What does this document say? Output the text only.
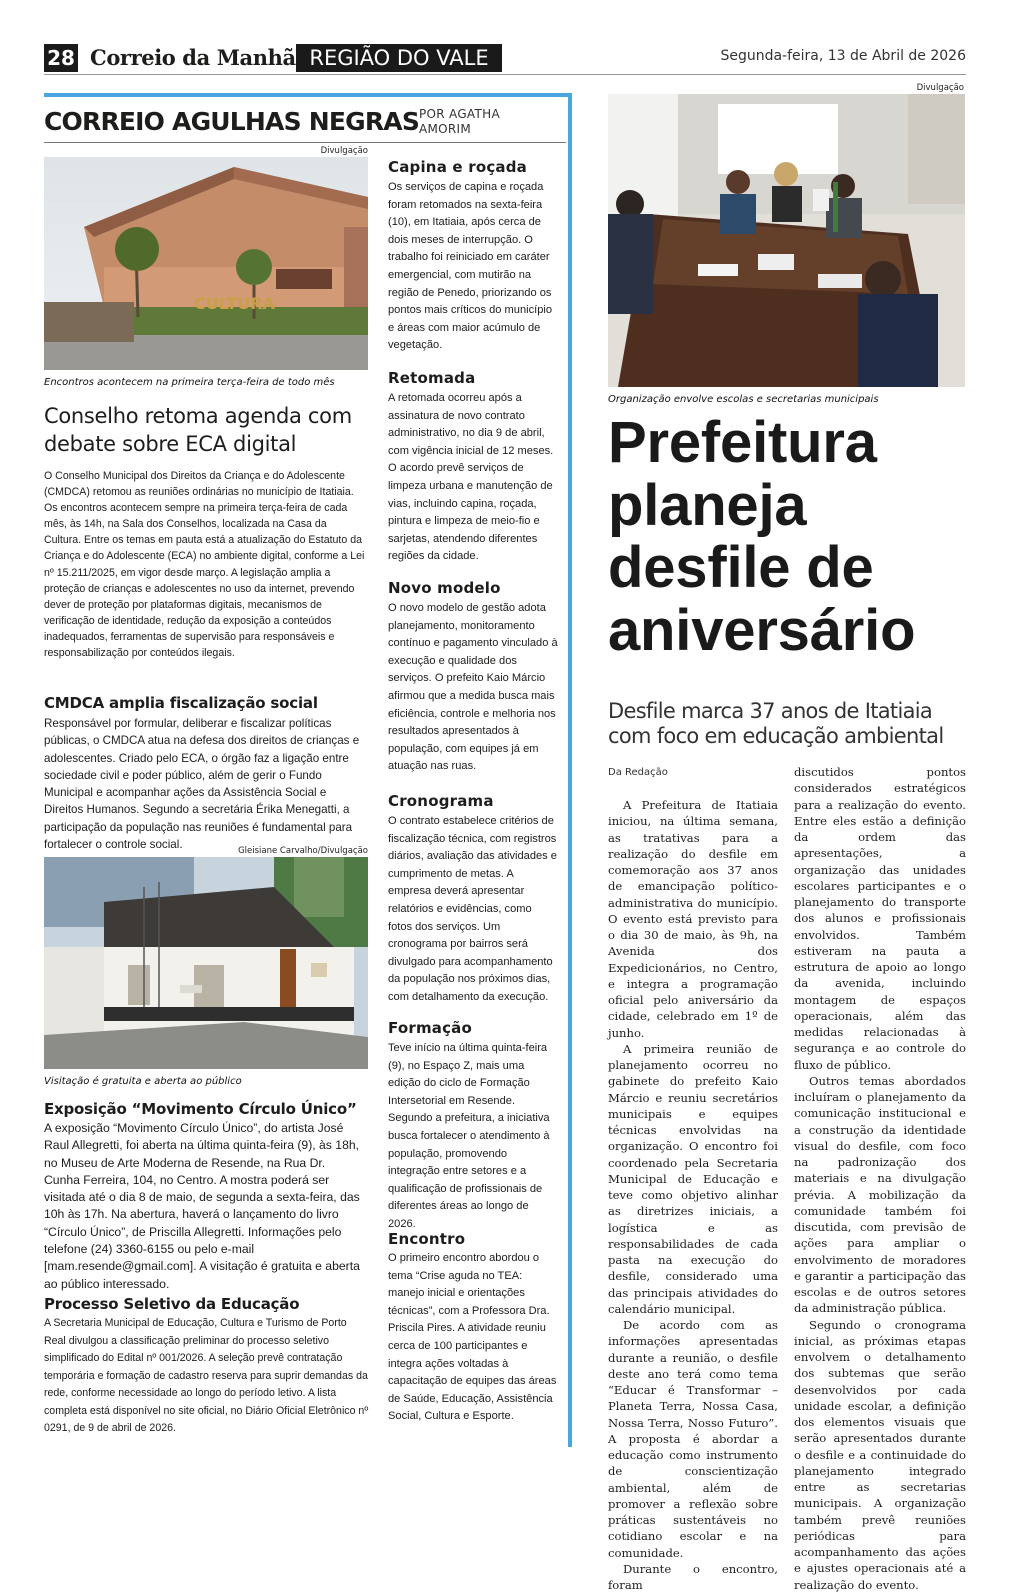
28 Correio da Manhã REGIÃO DO VALE	Segunda-feira, 13 de Abril de 2026
CORREIO AGULHAS NEGRAS POR AGATHA
AMORIM
Divulgação
CULTURA
Encontros acontecem na primeira terça-feira de todo mês
Conselho retoma agenda com debate sobre ECA digital
O Conselho Municipal dos Direitos da Criança e do Adolescente (CMDCA) retomou as reuniões ordinárias no município de Itatiaia. Os encontros acontecem sempre na primeira terça-feira de cada mês, às 14h, na Sala dos Conselhos, localizada na Casa da Cultura. Entre os temas em pauta está a atualização do Estatuto da Criança e do Adolescente (ECA) no ambiente digital, conforme a Lei nº 15.211/2025, em vigor desde março. A legislação amplia a proteção de crianças e adolescentes no uso da internet, prevendo dever de proteção por plataformas digitais, mecanismos de verificação de identidade, redução da exposição a conteúdos inadequados, ferramentas de supervisão para responsáveis e responsabilização por conteúdos ilegais.
CMDCA amplia fiscalização social
Responsável por formular, deliberar e fiscalizar políticas públicas, o CMDCA atua na defesa dos direitos de crianças e adolescentes. Criado pelo ECA, o órgão faz a ligação entre sociedade civil e poder público, além de gerir o Fundo Municipal e acompanhar ações da Assistência Social e Direitos Humanos. Segundo a secretária Érika Menegatti, a participação da população nas reuniões é fundamental para fortalecer o controle social.	Gleisiane Carvalho/Divulgação
Visitação é gratuita e aberta ao público
Exposição “Movimento Círculo Único”
A exposição “Movimento Círculo Único”, do artista José Raul Allegretti, foi aberta na última quinta-feira (9), às 18h, no Museu de Arte Moderna de Resende, na Rua Dr. Cunha Ferreira, 104, no Centro. A mostra poderá ser visitada até o dia 8 de maio, de segunda a sexta-feira, das 10h às 17h. Na abertura, haverá o lançamento do livro “Círculo Único”, de Priscilla Allegretti. Informações pelo telefone (24) 3360-6155 ou pelo e-mail [mam.resende@gmail.com]. A visitação é gratuita e aberta ao público interessado.
Processo Seletivo da Educação
A Secretaria Municipal de Educação, Cultura e Turismo de Porto Real divulgou a classificação preliminar do processo seletivo simplificado do Edital nº 001/2026. A seleção prevê contratação temporária e formação de cadastro reserva para suprir demandas da rede, conforme necessidade ao longo do período letivo. A lista completa está disponível no site oficial, no Diário Oficial Eletrônico nº 0291, de 9 de abril de 2026.
Capina e roçada
Os serviços de capina e roçada foram retomados na sexta-feira (10), em Itatiaia, após cerca de dois meses de interrupção. O trabalho foi reiniciado em caráter emergencial, com mutirão na região de Penedo, priorizando os pontos mais críticos do município e áreas com maior acúmulo de vegetação.
Retomada
A retomada ocorreu após a assinatura de novo contrato administrativo, no dia 9 de abril, com vigência inicial de 12 meses. O acordo prevê serviços de limpeza urbana e manutenção de vias, incluindo capina, roçada, pintura e limpeza de meio-fio e sarjetas, atendendo diferentes regiões da cidade.
Novo modelo
O novo modelo de gestão adota planejamento, monitoramento contínuo e pagamento vinculado à execução e qualidade dos serviços. O prefeito Kaio Márcio afirmou que a medida busca mais eficiência, controle e melhoria nos resultados apresentados à população, com equipes já em atuação nas ruas.
Cronograma
O contrato estabelece critérios de fiscalização técnica, com registros diários, avaliação das atividades e cumprimento de metas. A empresa deverá apresentar relatórios e evidências, como fotos dos serviços. Um cronograma por bairros será divulgado para acompanhamento da população nos próximos dias, com detalhamento da execução.
Formação
Teve início na última quinta-feira (9), no Espaço Z, mais uma edição do ciclo de Formação Intersetorial em Resende. Segundo a prefeitura, a iniciativa busca fortalecer o atendimento à população, promovendo integração entre setores e a qualificação de profissionais de diferentes áreas ao longo de 2026.
Encontro
O primeiro encontro abordou o tema “Crise aguda no TEA: manejo inicial e orientações técnicas”, com a Professora Dra. Priscila Pires. A atividade reuniu cerca de 100 participantes e integra ações voltadas à capacitação de equipes das áreas de Saúde, Educação, Assistência Social, Cultura e Esporte.
Divulgação
Organização envolve escolas e secretarias municipais
Prefeitura planeja desfile de aniversário
Desfile marca 37 anos de Itatiaia com foco em educação ambiental
Da Redação

A Prefeitura de Itatiaia iniciou, na última semana, as tratativas para a realização do desfile em comemoração aos 37 anos de emancipação político-administrativa do município. O evento está previsto para o dia 30 de maio, às 9h, na Avenida dos Expedicionários, no Centro, e integra a programação oficial pelo aniversário da cidade, celebrado em 1º de junho.

A primeira reunião de planejamento ocorreu no gabinete do prefeito Kaio Márcio e reuniu secretários municipais e equipes técnicas envolvidas na organização. O encontro foi coordenado pela Secretaria Municipal de Educação e teve como objetivo alinhar as diretrizes iniciais, a logística e as responsabilidades de cada pasta na execução do desfile, considerado uma das principais atividades do calendário municipal.

De acordo com as informações apresentadas durante a reunião, o desfile deste ano terá como tema “Educar é Transformar – Planeta Terra, Nossa Casa, Nossa Terra, Nosso Futuro”. A proposta é abordar a educação como instrumento de conscientização ambiental, além de promover a reflexão sobre práticas sustentáveis no cotidiano escolar e na comunidade.

Durante o encontro, foram

discutidos pontos considerados estratégicos para a realização do evento. Entre eles estão a definição da ordem das apresentações, a organização das unidades escolares participantes e o planejamento do transporte dos alunos e profissionais envolvidos. Também estiveram na pauta a estrutura de apoio ao longo da avenida, incluindo montagem de espaços operacionais, além das medidas relacionadas à segurança e ao controle do fluxo de público.

Outros temas abordados incluíram o planejamento da comunicação institucional e a construção da identidade visual do desfile, com foco na padronização dos materiais e na divulgação prévia. A mobilização da comunidade também foi discutida, com previsão de ações para ampliar o envolvimento de moradores e garantir a participação das escolas e de outros setores da administração pública.

Segundo o cronograma inicial, as próximas etapas envolvem o detalhamento dos subtemas que serão desenvolvidos por cada unidade escolar, a definição dos elementos visuais que serão apresentados durante o desfile e a continuidade do planejamento integrado entre as secretarias municipais. A organização também prevê reuniões periódicas para acompanhamento das ações e ajustes operacionais até a realização do evento.
